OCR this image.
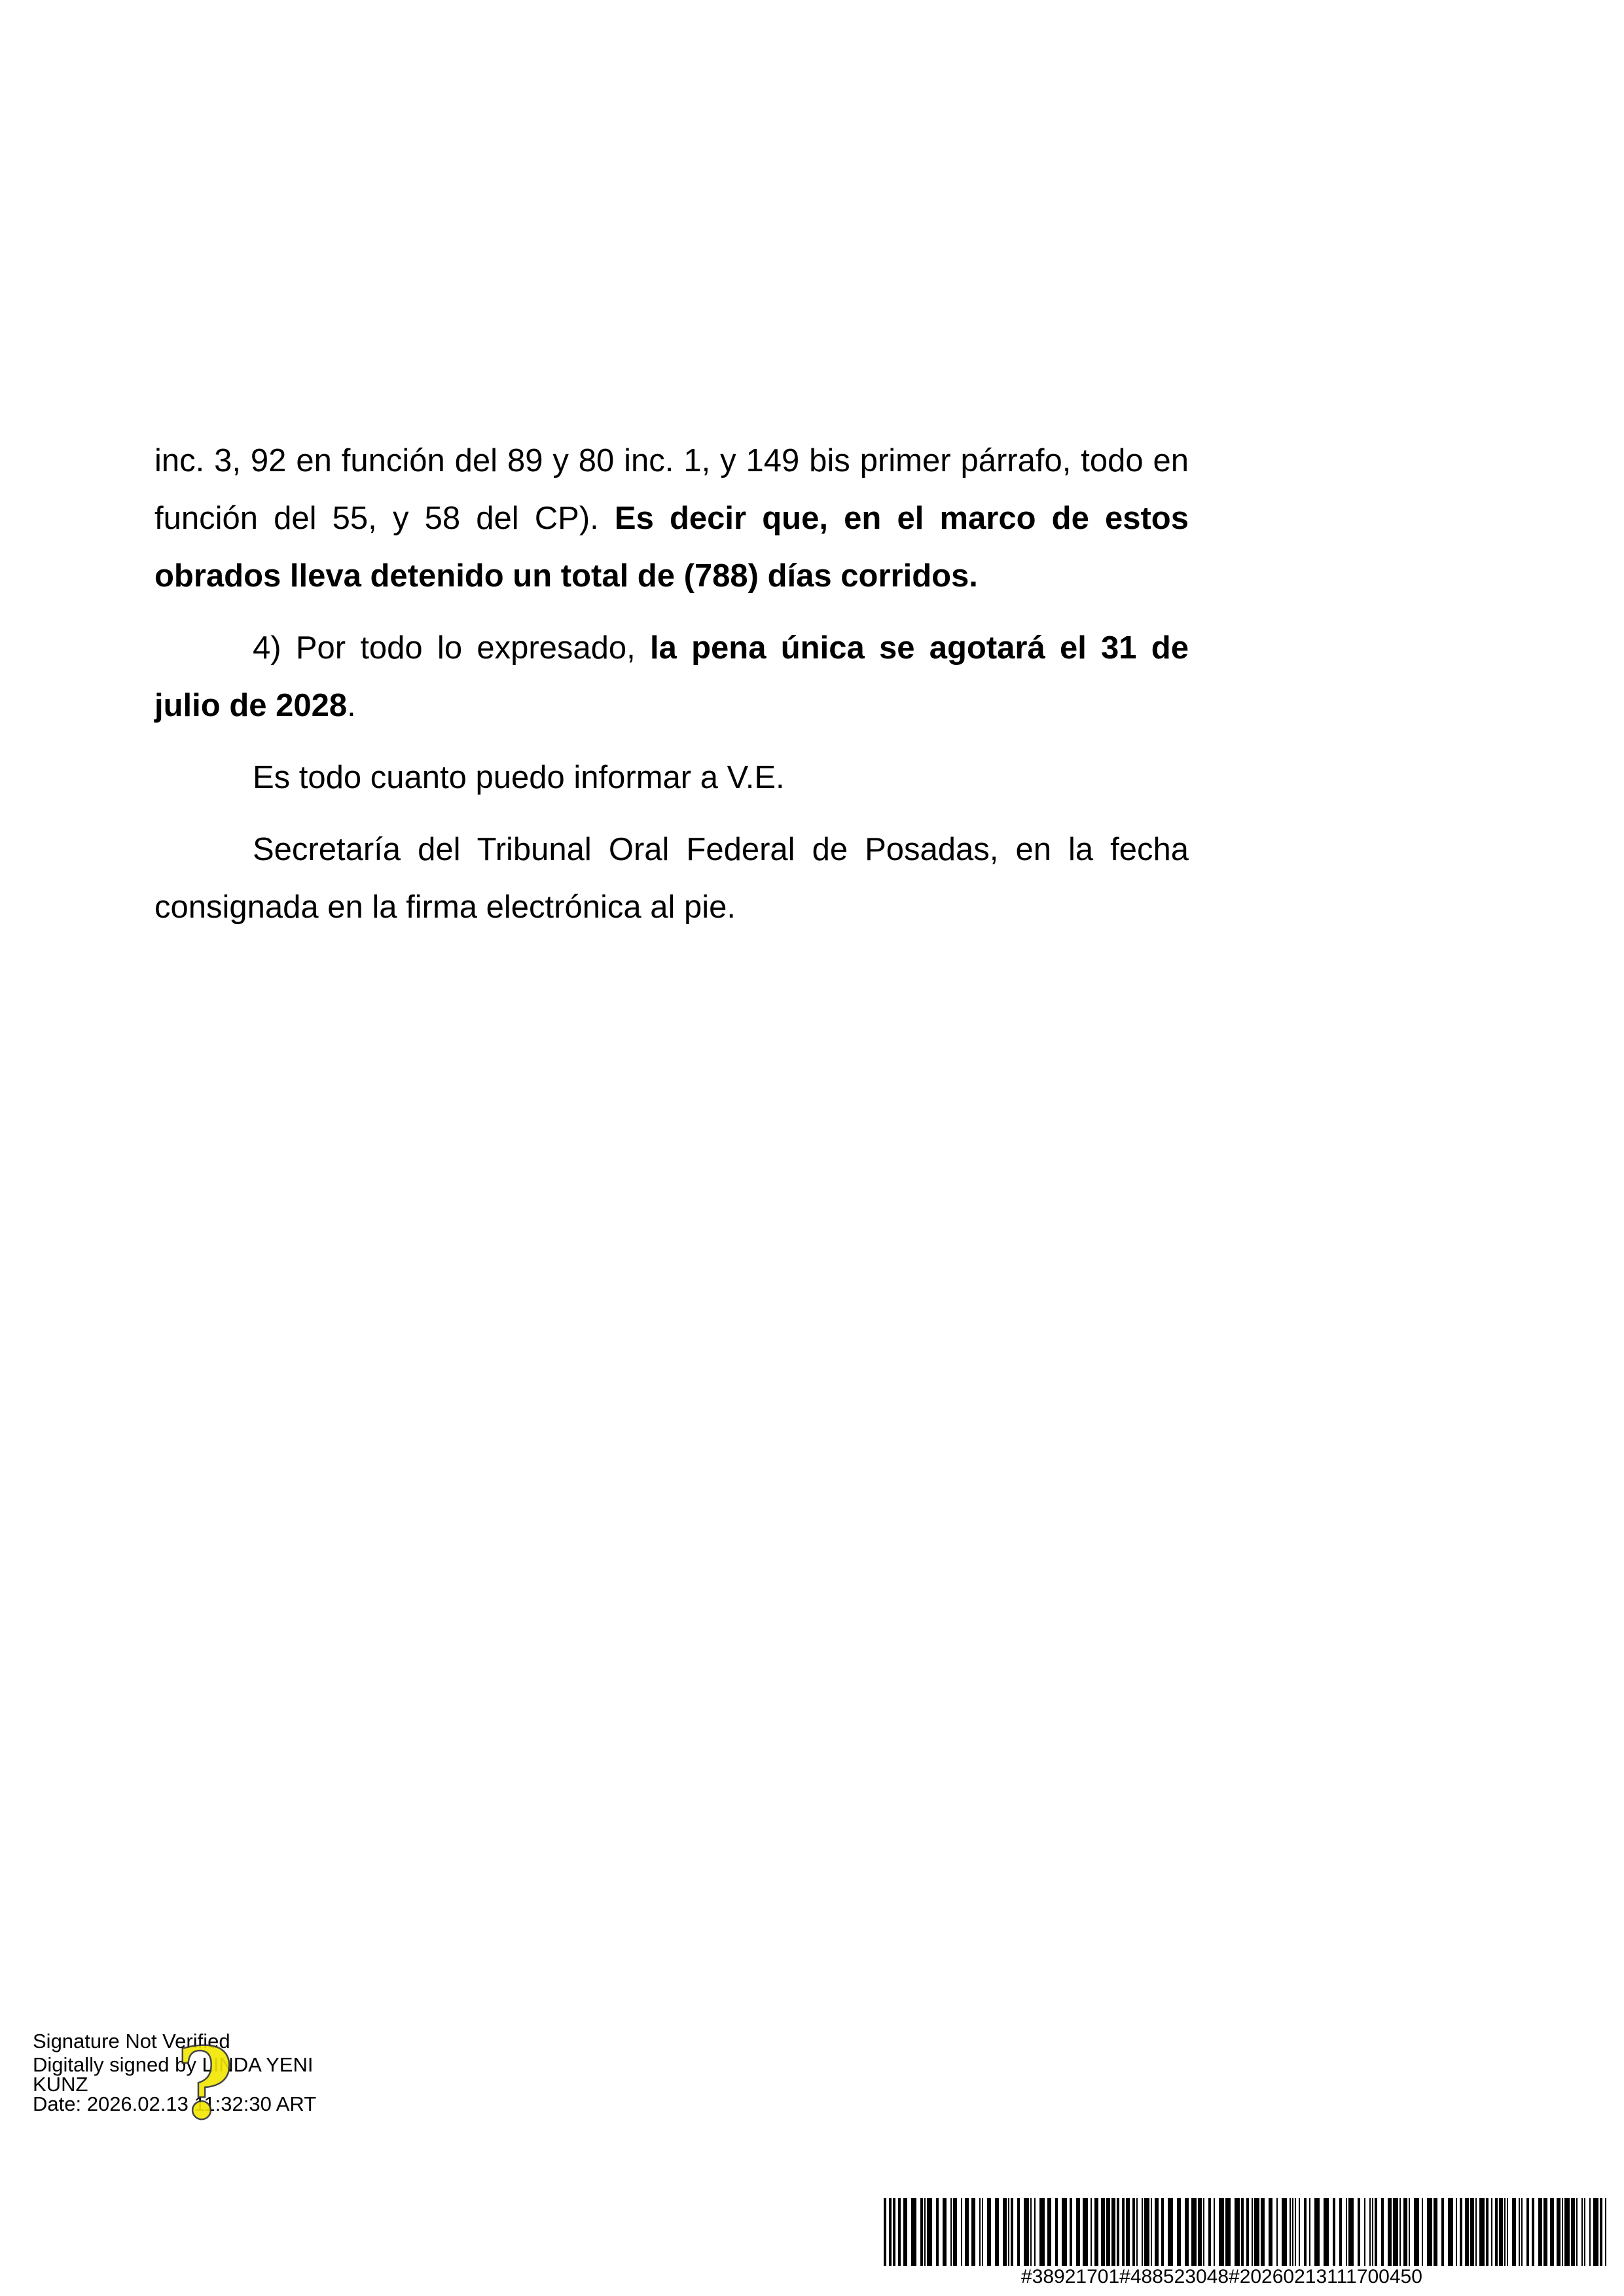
inc. 3, 92 en función del 89 y 80 inc. 1, y 149 bis primer párrafo, todo en función del 55, y 58 del CP). Es decir que, en el marco de estos obrados lleva detenido un total de (788) días corridos.

4) Por todo lo expresado, la pena única se agotará el 31 de julio de 2028.

Es todo cuanto puedo informar a V.E.

Secretaría del Tribunal Oral Federal de Posadas, en la fecha consignada en la firma electrónica al pie.

Signature Not Verified
Digitally signed by LINDA YENI
KUNZ
Date: 2026.02.13 11:32:30 ART
?
#38921701#488523048#20260213111700450
